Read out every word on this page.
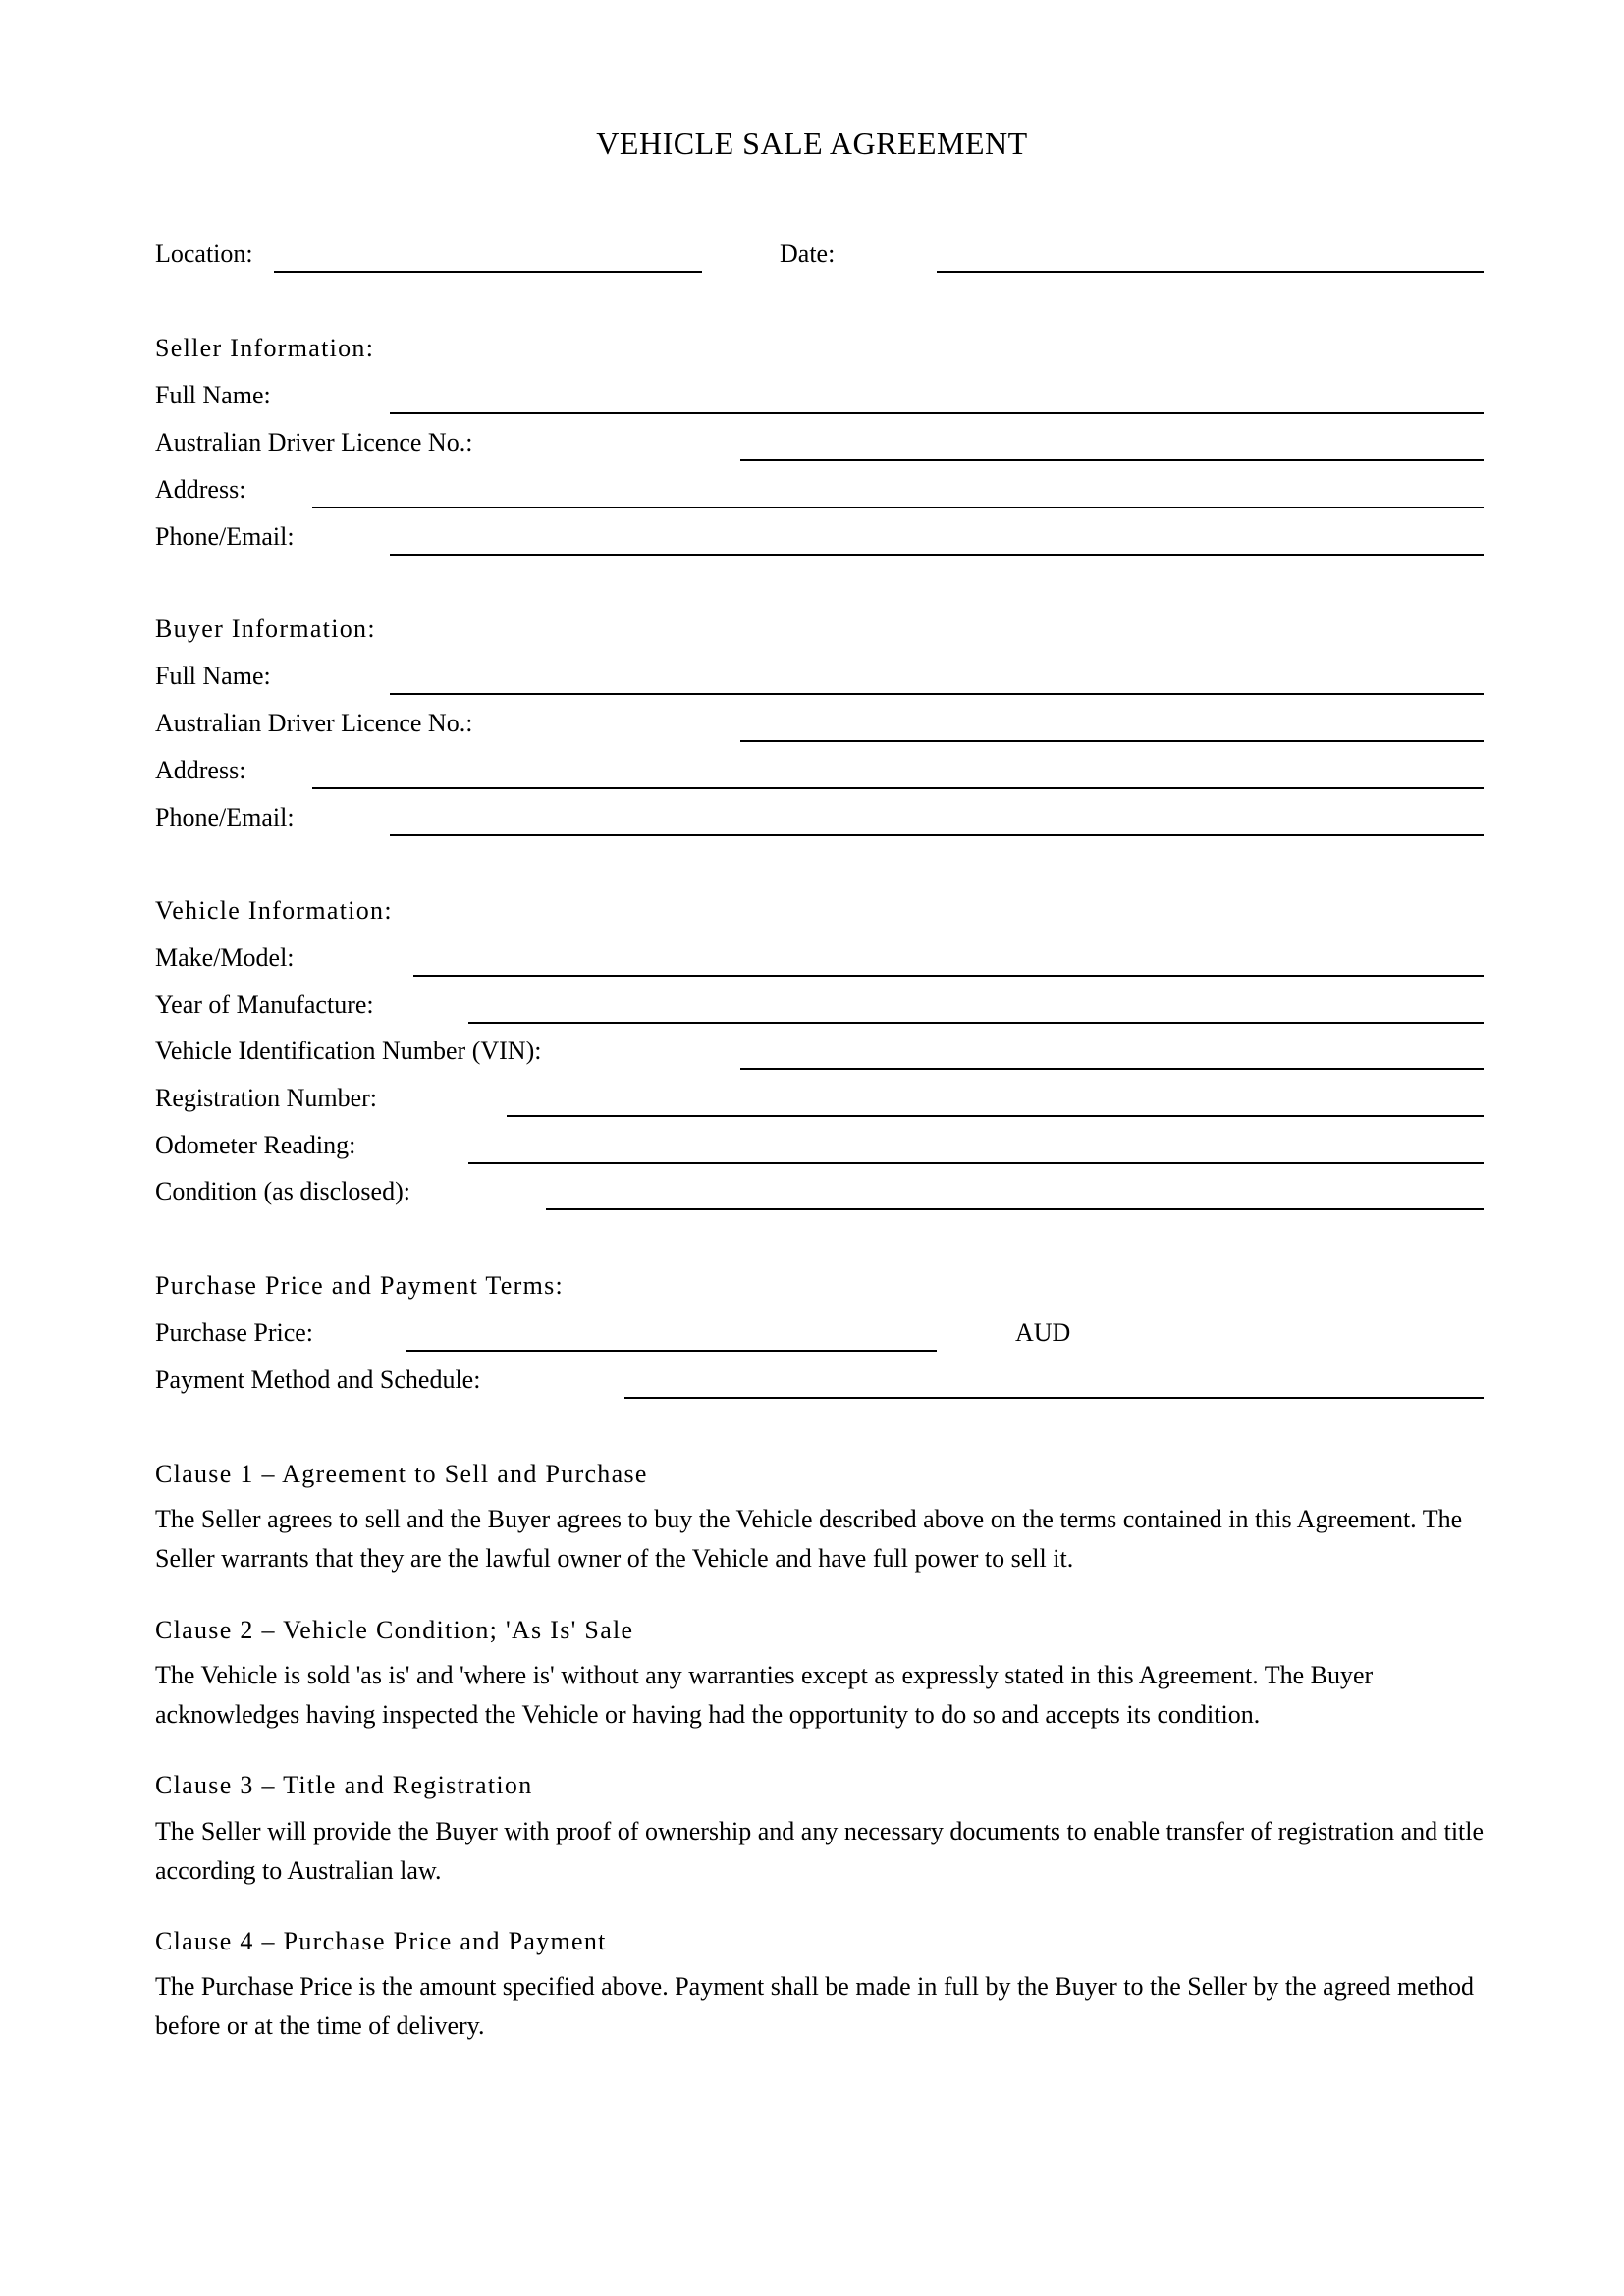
VEHICLE SALE AGREEMENT
Location:	Date:
Seller Information:
Full Name:
Australian Driver Licence No.:
Address:
Phone/Email:
Buyer Information:
Full Name:
Australian Driver Licence No.:
Address:
Phone/Email:
Vehicle Information:
Make/Model:
Year of Manufacture:
Vehicle Identification Number (VIN):
Registration Number:
Odometer Reading:
Condition (as disclosed):
Purchase Price and Payment Terms:
Purchase Price:	AUD
Payment Method and Schedule:
Clause 1 – Agreement to Sell and Purchase
The Seller agrees to sell and the Buyer agrees to buy the Vehicle described above on the terms contained in this Agreement. The Seller warrants that they are the lawful owner of the Vehicle and have full power to sell it.
Clause 2 – Vehicle Condition; 'As Is' Sale
The Vehicle is sold 'as is' and 'where is' without any warranties except as expressly stated in this Agreement. The Buyer acknowledges having inspected the Vehicle or having had the opportunity to do so and accepts its condition.
Clause 3 – Title and Registration
The Seller will provide the Buyer with proof of ownership and any necessary documents to enable transfer of registration and title according to Australian law.
Clause 4 – Purchase Price and Payment
The Purchase Price is the amount specified above. Payment shall be made in full by the Buyer to the Seller by the agreed method before or at the time of delivery.
